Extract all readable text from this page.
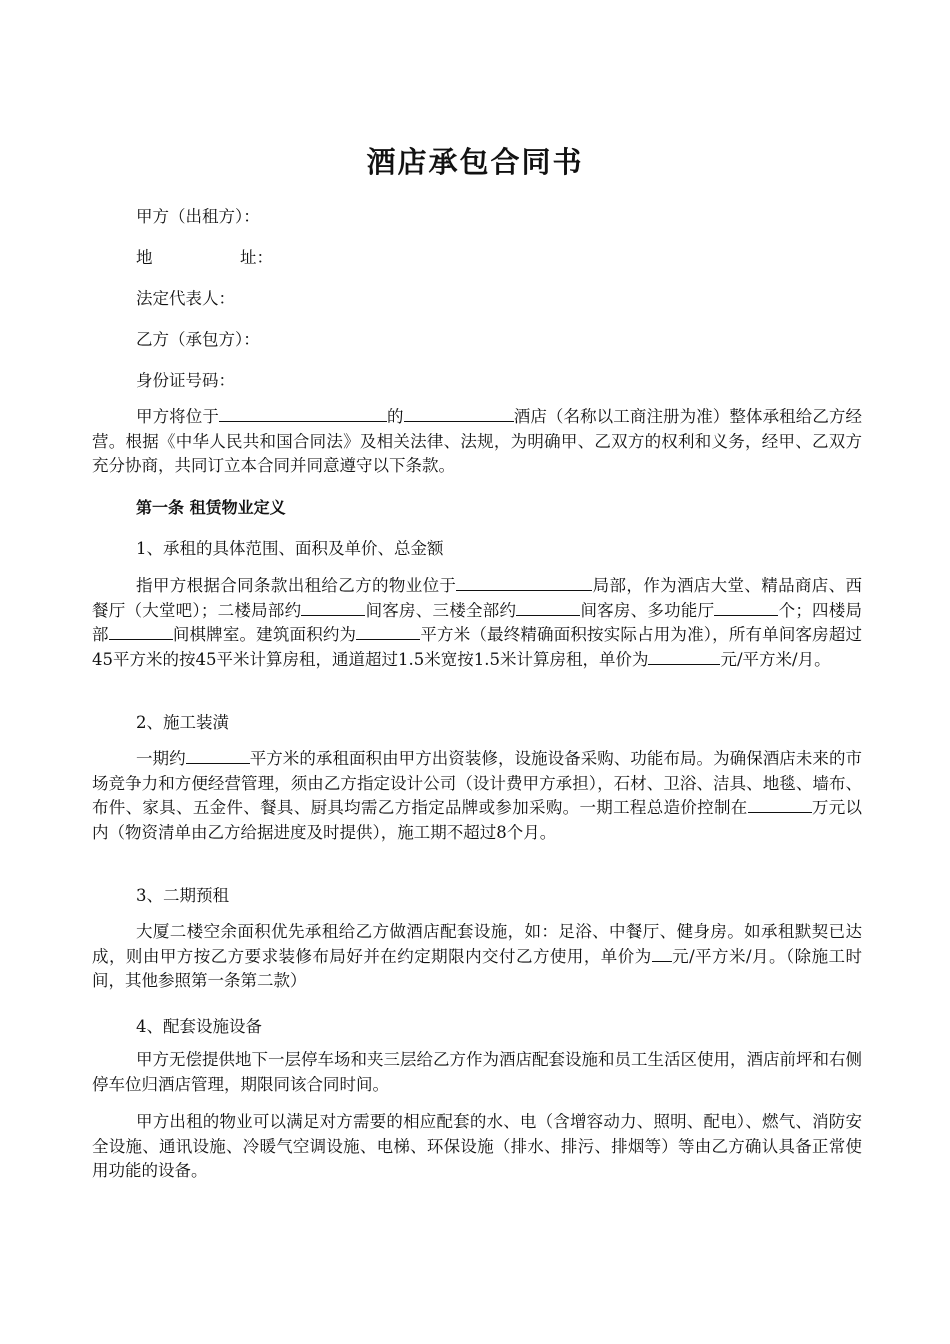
酒店承包合同书
甲方（出租方）：
地	址：
法定代表人：
乙方（承包方）：
身份证号码：

甲方将位于	的	酒店（名称以工商注册为准）整体承租给乙方经营。根据《中华人民共和国合同法》及相关法律、法规，为明确甲、乙双方的权利和义务，经甲、乙双方充分协商，共同订立本合同并同意遵守以下条款。

第一条 租赁物业定义
1、承租的具体范围、面积及单价、总金额

指甲方根据合同条款出租给乙方的物业位于	局部，作为酒店大堂、精品商店、西餐厅（大堂吧）；二楼局部约	间客房、三楼全部约	间客房、多功能厅	个；四楼局部	间棋牌室。建筑面积约为	平方米（最终精确面积按实际占用为准），所有单间客房超过45平方米的按45平米计算房租，通道超过1.5米宽按1.5米计算房租，单价为	元/平方米/月。

2、施工装潢

一期约	平方米的承租面积由甲方出资装修，设施设备采购、功能布局。为确保酒店未来的市场竞争力和方便经营管理，须由乙方指定设计公司（设计费甲方承担），石材、卫浴、洁具、地毯、墙布、布件、家具、五金件、餐具、厨具均需乙方指定品牌或参加采购。一期工程总造价控制在	万元以内（物资清单由乙方给据进度及时提供），施工期不超过8个月。

3、二期预租

大厦二楼空余面积优先承租给乙方做酒店配套设施，如：足浴、中餐厅、健身房。如承租默契已达成，则由甲方按乙方要求装修布局好并在约定期限内交付乙方使用，单价为 元/平方米/月。（除施工时间，其他参照第一条第二款）

4、配套设施设备

甲方无偿提供地下一层停车场和夹三层给乙方作为酒店配套设施和员工生活区使用，酒店前坪和右侧停车位归酒店管理，期限同该合同时间。

甲方出租的物业可以满足对方需要的相应配套的水、电（含增容动力、照明、配电）、燃气、消防安全设施、通讯设施、冷暖气空调设施、电梯、环保设施（排水、排污、排烟等）等由乙方确认具备正常使用功能的设备。
